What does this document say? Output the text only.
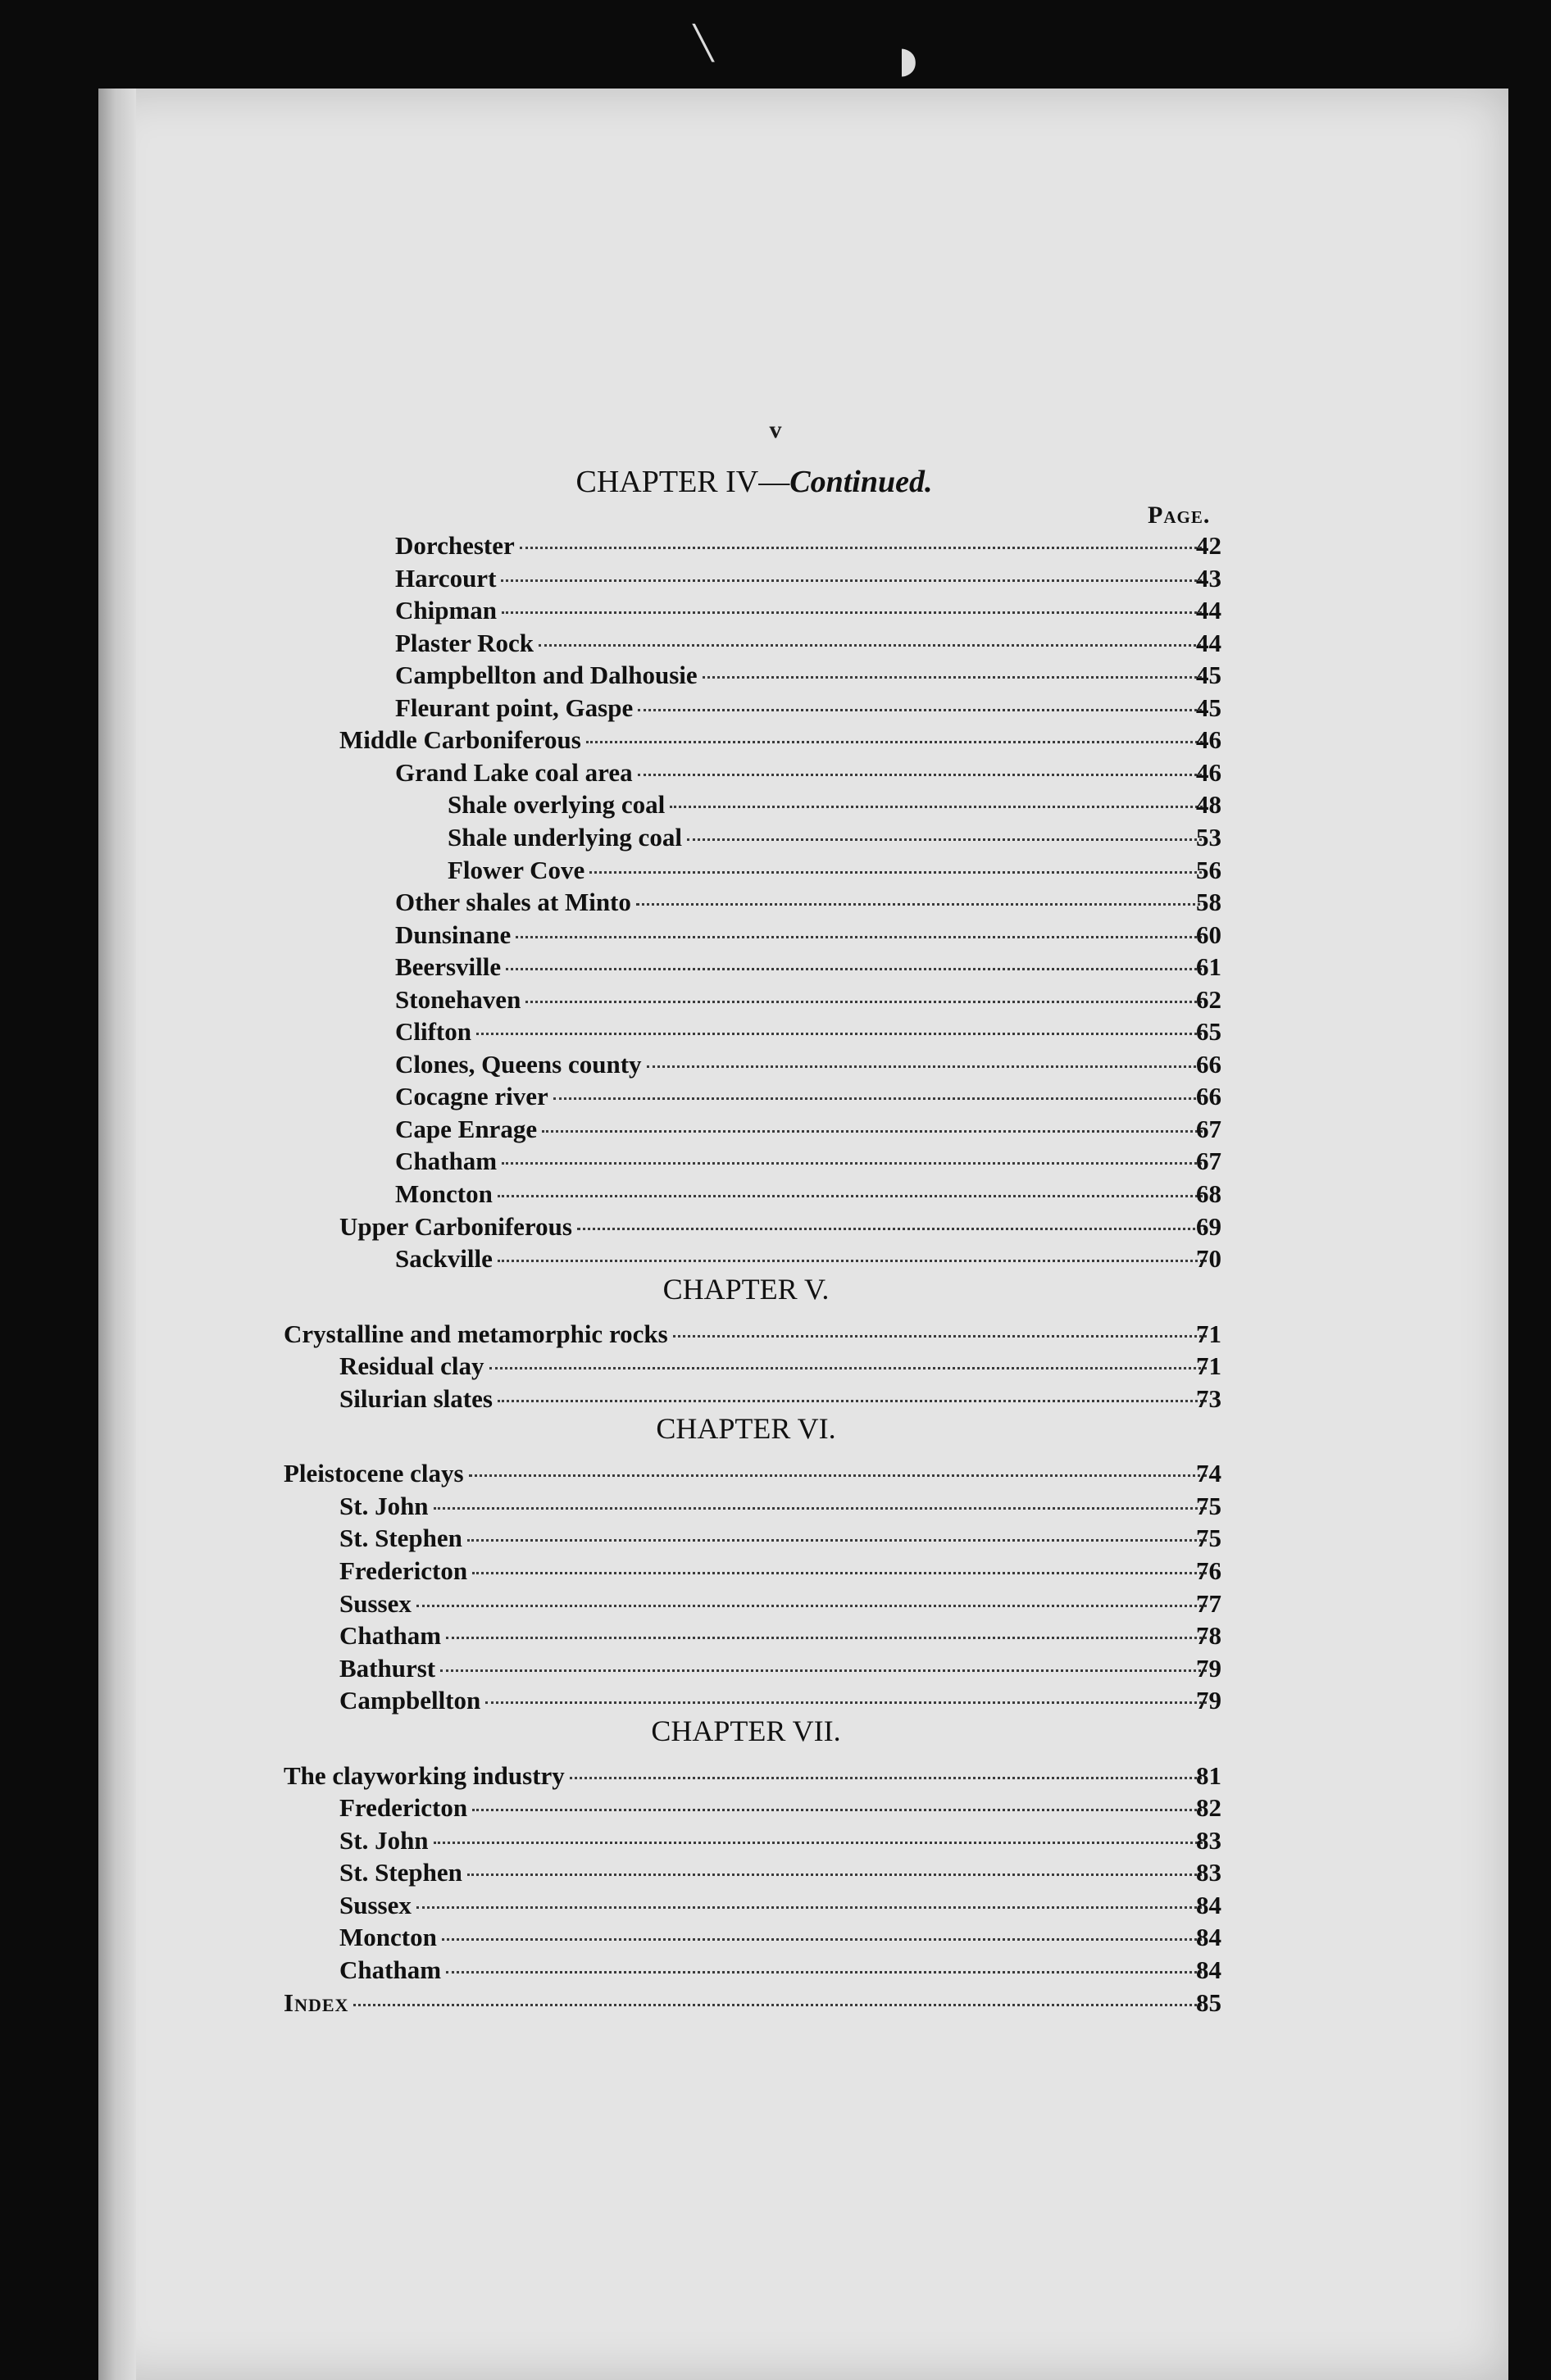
╲	◗
v
CHAPTER IV—Continued.
Page.
Dorchester	42
Harcourt	43
Chipman	44
Plaster Rock	44
Campbellton and Dalhousie	45
Fleurant point, Gaspe	45
Middle Carboniferous	46
Grand Lake coal area	46
Shale overlying coal	48
Shale underlying coal	53
Flower Cove	56
Other shales at Minto	58
Dunsinane	60
Beersville	61
Stonehaven	62
Clifton	65
Clones, Queens county	66
Cocagne river	66
Cape Enrage	67
Chatham	67
Moncton	68
Upper Carboniferous	69
Sackville	70
CHAPTER V.
Crystalline and metamorphic rocks	71
Residual clay	71
Silurian slates	73
CHAPTER VI.
Pleistocene clays	74
St. John	75
St. Stephen	75
Fredericton	76
Sussex	77
Chatham	78
Bathurst	79
Campbellton	79
CHAPTER VII.
The clayworking industry	81
Fredericton	82
St. John	83
St. Stephen	83
Sussex	84
Moncton	84
Chatham	84
Index	85
